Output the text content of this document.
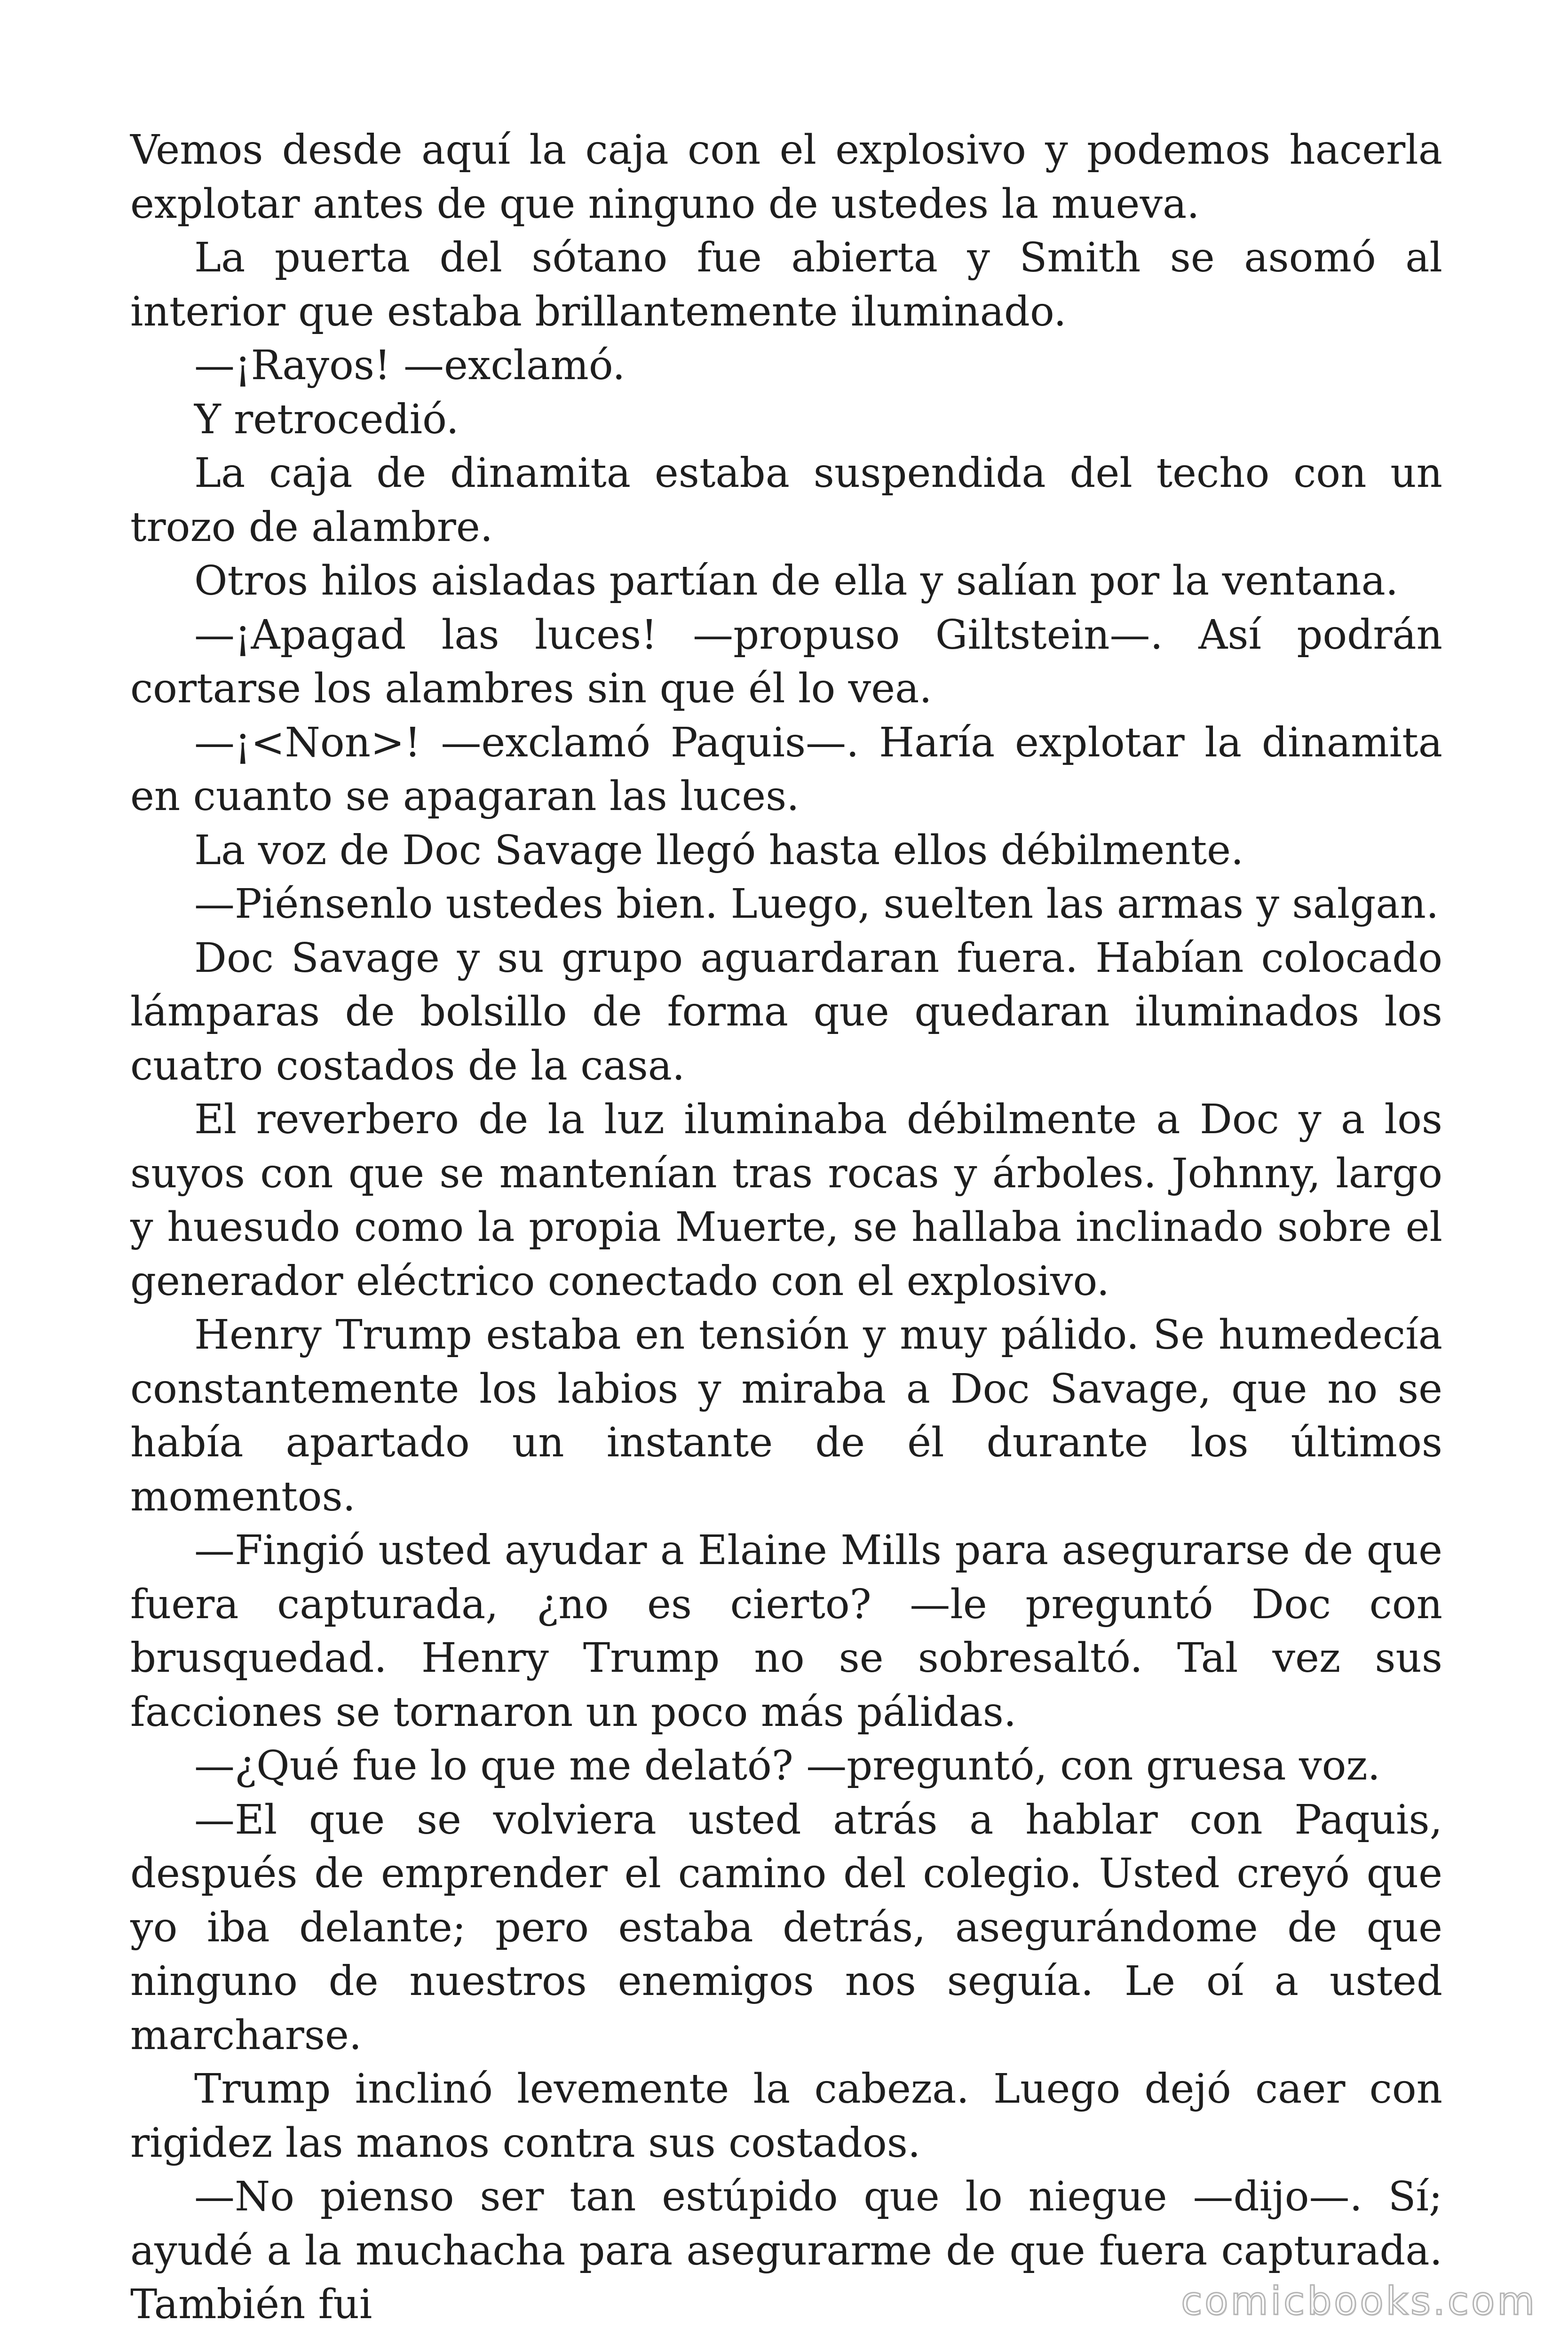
Vemos desde aquí la caja con el explosivo y podemos hacerla explotar antes de que ninguno de ustedes la mueva.

La puerta del sótano fue abierta y Smith se asomó al interior que estaba brillantemente iluminado.

—¡Rayos! —exclamó.

Y retrocedió.

La caja de dinamita estaba suspendida del techo con un trozo de alambre.

Otros hilos aisladas partían de ella y salían por la ventana.

—¡Apagad las luces! —propuso Giltstein—. Así podrán cortarse los alambres sin que él lo vea.

—¡<Non>! —exclamó Paquis—. Haría explotar la dinamita en cuanto se apagaran las luces.

La voz de Doc Savage llegó hasta ellos débilmente.

—Piénsenlo ustedes bien. Luego, suelten las armas y salgan.

Doc Savage y su grupo aguardaran fuera. Habían colocado lámparas de bolsillo de forma que quedaran iluminados los cuatro costados de la casa.

El reverbero de la luz iluminaba débilmente a Doc y a los suyos con que se mantenían tras rocas y árboles. Johnny, largo y huesudo como la propia Muerte, se hallaba inclinado sobre el generador eléctrico conectado con el explosivo.

Henry Trump estaba en tensión y muy pálido. Se humedecía constantemente los labios y miraba a Doc Savage, que no se había apartado un instante de él durante los últimos momentos.

—Fingió usted ayudar a Elaine Mills para asegurarse de que fuera capturada, ¿no es cierto? —le preguntó Doc con brusquedad. Henry Trump no se sobresaltó. Tal vez sus facciones se tornaron un poco más pálidas.

—¿Qué fue lo que me delató? —preguntó, con gruesa voz.

—El que se volviera usted atrás a hablar con Paquis, después de emprender el camino del colegio. Usted creyó que yo iba delante; pero estaba detrás, asegurándome de que ninguno de nuestros enemigos nos seguía. Le oí a usted marcharse.

Trump inclinó levemente la cabeza. Luego dejó caer con rigidez las manos contra sus costados.

—No pienso ser tan estúpido que lo niegue —dijo—. Sí; ayudé a la muchacha para asegurarme de que fuera capturada. También fui	comicbooks.com
